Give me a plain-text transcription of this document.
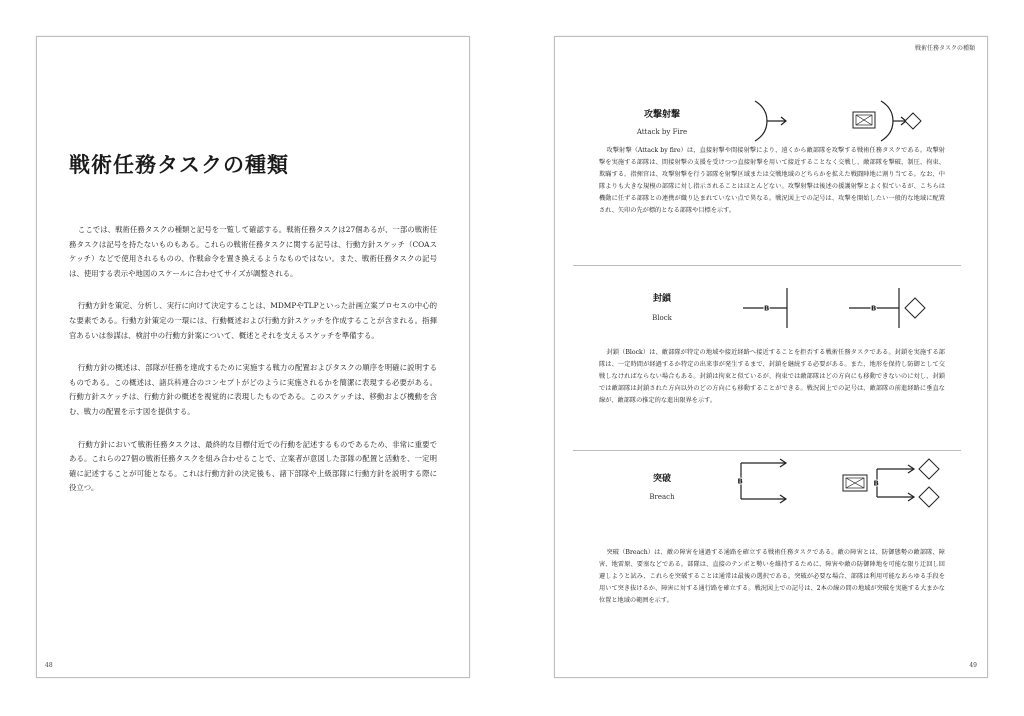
戦術任務タスクの種類

ここでは、戦術任務タスクの種類と記号を一覧して確認する。戦術任務タスクは27個あるが、一部の戦術任務タスクは記号を持たないものもある。これらの戦術任務タスクに関する記号は、行動方針スケッチ（COAスケッチ）などで使用されるものの、作戦命令を置き換えるようなものではない。また、戦術任務タスクの記号は、使用する表示や地図のスケールに合わせてサイズが調整される。

行動方針を策定、分析し、実行に向けて決定することは、MDMPやTLPといった計画立案プロセスの中心的な要素である。行動方針策定の一環には、行動概述および行動方針スケッチを作成することが含まれる。指揮官あるいは参謀は、検討中の行動方針案について、概述とそれを支えるスケッチを準備する。

行動方針の概述は、部隊が任務を達成するために実施する戦力の配置およびタスクの順序を明確に説明するものである。この概述は、諸兵科連合のコンセプトがどのように実施されるかを簡潔に表現する必要がある。行動方針スケッチは、行動方針の概述を視覚的に表現したものである。このスケッチは、移動および機動を含む、戦力の配置を示す図を提供する。

行動方針において戦術任務タスクは、最終的な目標付近での行動を記述するものであるため、非常に重要である。これらの27個の戦術任務タスクを組み合わせることで、立案者が意図した部隊の配置と活動を、一定明確に記述することが可能となる。これは行動方針の決定後も、諸下部隊や上級部隊に行動方針を説明する際に役立つ。

48
戦術任務タスクの種類
攻撃射撃
Attack by Fire

攻撃射撃（Attack by fire）は、直接射撃や間接射撃により、遠くから敵部隊を攻撃する戦術任務タスクである。攻撃射撃を実施する部隊は、間接射撃の支援を受けつつ直接射撃を用いて接近することなく交戦し、敵部隊を撃破、制圧、拘束、欺瞞する。指揮官は、攻撃射撃を行う部隊を射撃区域または交戦地域のどちらかを拡えた戦闘陣地に割り当てる。なお、中隊よりも大きな規模の部隊に対し指示されることはほとんどない。攻撃射撃は後述の援護射撃とよく似ているが、こちらは機動に任ずる部隊との連携が織り込まれていない点で異なる。戦況図上での記号は、攻撃を開始したい一般的な地域に配置され、矢印の先が標的となる部隊や目標を示す。

封鎖
Block
B	B

封鎖（Block）は、敵部隊が特定の地域や接近経路へ接近することを拒否する戦術任務タスクである。封鎖を実施する部隊は、一定時間が経過するか特定の出来事が発生するまで、封鎖を継続する必要がある。また、地形を保持し防御として交戦しなければならない場合もある。封鎖は拘束と似ているが、拘束では敵部隊はどの方向にも移動できないのに対し、封鎖では敵部隊は封鎖された方向以外のどの方向にも移動することができる。戦況図上での記号は、敵部隊の前進経路に垂直な線が、敵部隊の推定的な進出限界を示す。

突破
Breach
B	B

突破（Breach）は、敵の障害を通過する通路を確立する戦術任務タスクである。敵の障害とは、防御態勢の敵部隊、障害、地雷原、要塞などである。部隊は、直接のテンポと勢いを維持するために、障害や敵の防御陣地を可能な限り迂回し回避しようと試み、これらを突破することは通常は最後の選択である。突破が必要な場合、部隊は利用可能なあらゆる手段を用いて突き抜けるか、障害に対する通行路を確立する。戦況図上での記号は、2本の線の間の地域が突破を実施する大まかな位置と地域の範囲を示す。

49
